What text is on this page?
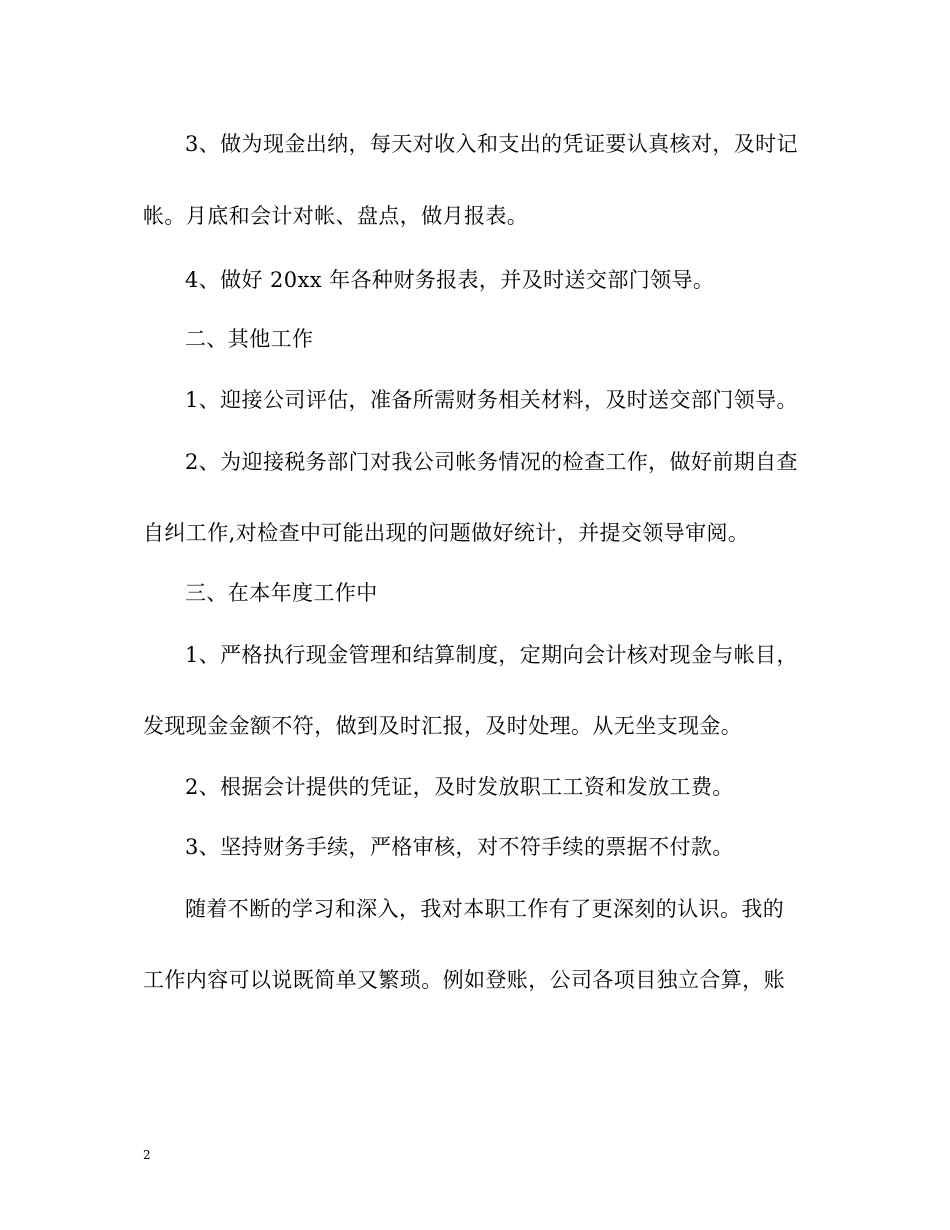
3、做为现金出纳，每天对收入和支出的凭证要认真核对，及时记
帐。月底和会计对帐、盘点，做月报表。
4、做好 20xx 年各种财务报表，并及时送交部门领导。
二、其他工作
1、迎接公司评估，准备所需财务相关材料，及时送交部门领导。
2、为迎接税务部门对我公司帐务情况的检查工作，做好前期自查
自纠工作,对检查中可能出现的问题做好统计，并提交领导审阅。
三、在本年度工作中
1、严格执行现金管理和结算制度，定期向会计核对现金与帐目，
发现现金金额不符，做到及时汇报，及时处理。从无坐支现金。
2、根据会计提供的凭证，及时发放职工工资和发放工费。
3、坚持财务手续，严格审核，对不符手续的票据不付款。
随着不断的学习和深入，我对本职工作有了更深刻的认识。我的
工作内容可以说既简单又繁琐。例如登账，公司各项目独立合算，账
2
